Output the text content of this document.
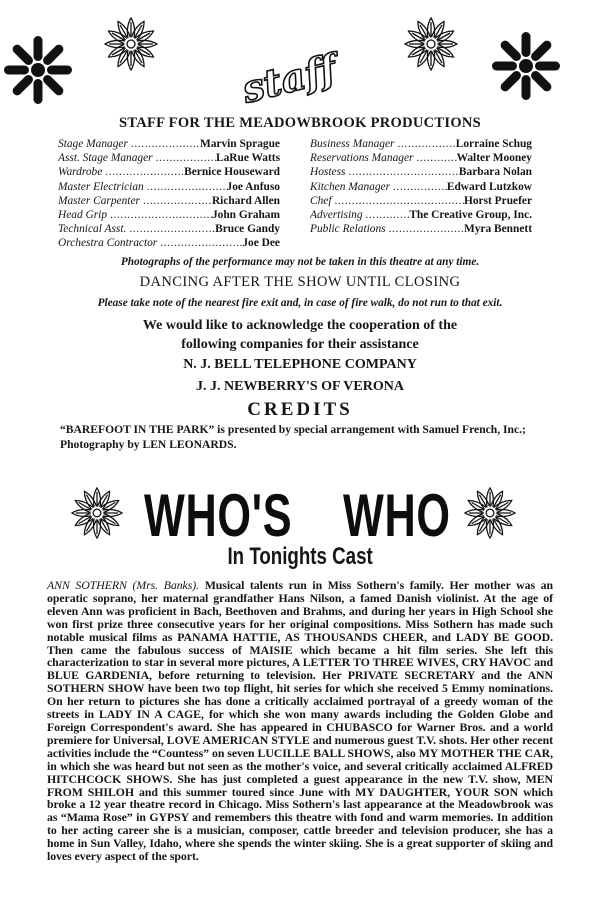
staff
STAFF FOR THE MEADOWBROOK PRODUCTIONS
Stage Manager .....	Marvin Sprague
Asst. Stage Manager .....	LaRue Watts
Wardrobe .....	Bernice Houseward
Master Electrician .....	Joe Anfuso
Master Carpenter .....	Richard Allen
Head Grip .....	John Graham
Technical Asst. .....	Bruce Gandy
Orchestra Contractor .....	Joe Dee
Business Manager .....	Lorraine Schug
Reservations Manager .....	Walter Mooney
Hostess .....	Barbara Nolan
Kitchen Manager .....	Edward Lutzkow
Chef .....	Horst Pruefer
Advertising .....	The Creative Group, Inc.
Public Relations .....	Myra Bennett
Photographs of the performance may not be taken in this theatre at any time.
DANCING AFTER THE SHOW UNTIL CLOSING
Please take note of the nearest fire exit and, in case of fire walk, do not run to that exit.
We would like to acknowledge the cooperation of the
following companies for their assistance
N. J. BELL TELEPHONE COMPANY
J. J. NEWBERRY'S OF VERONA
CREDITS
“BAREFOOT IN THE PARK” is presented by special arrangement with Samuel French, Inc.; Photography by LEN LEONARDS.
WHO'S WHO
In Tonights Cast
ANN SOTHERN (Mrs. Banks). Musical talents run in Miss Sothern's family. Her mother was an operatic soprano, her maternal grandfather Hans Nilson, a famed Danish violinist. At the age of eleven Ann was proficient in Bach, Beethoven and Brahms, and during her years in High School she won first prize three consecutive years for her original compositions. Miss Sothern has made such notable musical films as PANAMA HATTIE, AS THOUSANDS CHEER, and LADY BE GOOD. Then came the fabulous success of MAISIE which became a hit film series. She left this characterization to star in several more pictures, A LETTER TO THREE WIVES, CRY HAVOC and BLUE GARDENIA, before returning to television. Her PRIVATE SECRETARY and the ANN SOTHERN SHOW have been two top flight, hit series for which she received 5 Emmy nominations. On her return to pictures she has done a critically acclaimed portrayal of a greedy woman of the streets in LADY IN A CAGE, for which she won many awards including the Golden Globe and Foreign Correspondent's award. She has appeared in CHUBASCO for Warner Bros. and a world premiere for Universal, LOVE AMERICAN STYLE and numerous guest T.V. shots. Her other recent activities include the “Countess” on seven LUCILLE BALL SHOWS, also MY MOTHER THE CAR, in which she was heard but not seen as the mother's voice, and several critically acclaimed ALFRED HITCHCOCK SHOWS. She has just completed a guest appearance in the new T.V. show, MEN FROM SHILOH and this summer toured since June with MY DAUGHTER, YOUR SON which broke a 12 year theatre record in Chicago. Miss Sothern's last appearance at the Meadowbrook was as “Mama Rose” in GYPSY and remembers this theatre with fond and warm memories. In addition to her acting career she is a musician, composer, cattle breeder and television producer, she has a home in Sun Valley, Idaho, where she spends the winter skiing. She is a great supporter of skiing and loves every aspect of the sport.
